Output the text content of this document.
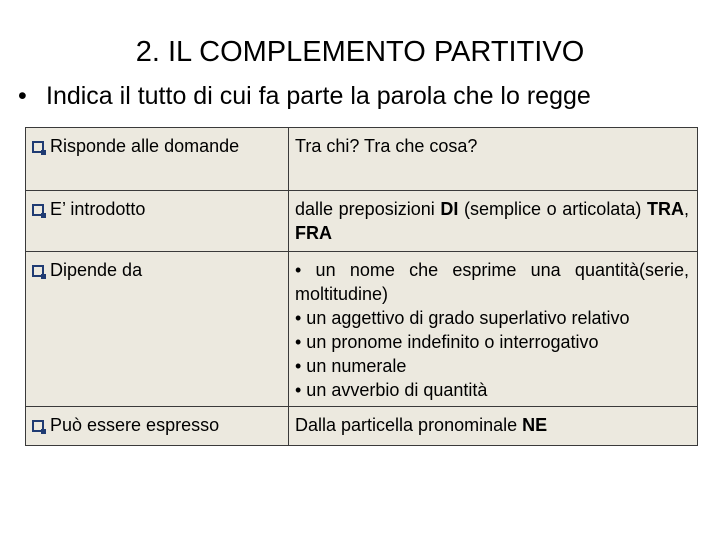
2. IL COMPLEMENTO PARTITIVO
• Indica il tutto di cui fa parte la parola che lo regge
Risponde alle domande	Tra chi? Tra che cosa?
E’ introdotto	dalle preposizioni DI (semplice o articolata) TRA, FRA
Dipende da	• un nome che esprime una quantità(serie, moltitudine)
• un aggettivo di grado superlativo relativo
• un pronome indefinito o interrogativo
• un numerale
• un avverbio di quantità

Può essere espresso	Dalla particella pronominale NE
